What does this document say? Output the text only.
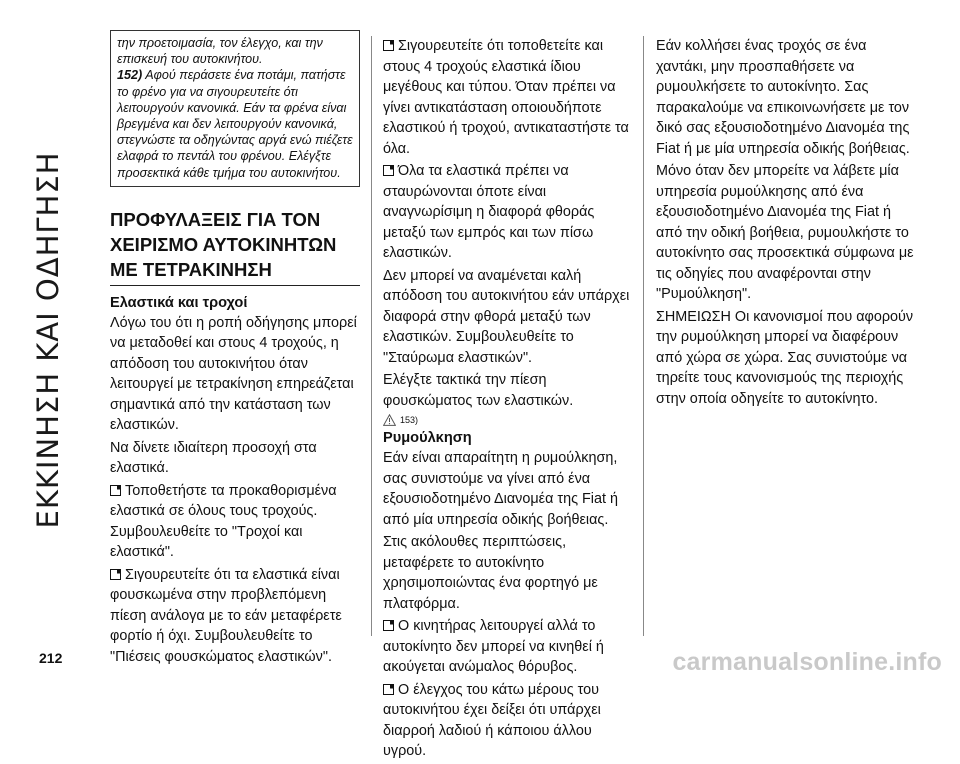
ΕΚΚΙΝΗΣΗ ΚΑΙ ΟΔΗΓΗΣΗ
212
την προετοιμασία, τον έλεγχο, και την επισκευή του αυτοκινήτου.
152) Αφού περάσετε ένα ποτάμι, πατήστε το φρένο για να σιγουρευτείτε ότι λειτουργούν κανονικά. Εάν τα φρένα είναι βρεγμένα και δεν λειτουργούν κανονικά, στεγνώστε τα οδηγώντας αργά ενώ πιέζετε ελαφρά το πεντάλ του φρένου. Ελέγξτε προσεκτικά κάθε τμήμα του αυτοκινήτου.
ΠΡΟΦΥΛΑΞΕΙΣ ΓΙΑ ΤΟΝ ΧΕΙΡΙΣΜΟ ΑΥΤΟΚΙΝΗΤΩΝ ΜΕ ΤΕΤΡΑΚΙΝΗΣΗ
Ελαστικά και τροχοί

Λόγω του ότι η ροπή οδήγησης μπορεί να μεταδοθεί και στους 4 τροχούς, η απόδοση του αυτοκινήτου όταν λειτουργεί με τετρακίνηση επηρεάζεται σημαντικά από την κατάσταση των ελαστικών.

Να δίνετε ιδιαίτερη προσοχή στα ελαστικά.

Τοποθετήστε τα προκαθορισμένα ελαστικά σε όλους τους τροχούς. Συμβουλευθείτε το "Τροχοί και ελαστικά".

Σιγουρευτείτε ότι τα ελαστικά είναι φουσκωμένα στην προβλεπόμενη πίεση ανάλογα με το εάν μεταφέρετε φορτίο ή όχι. Συμβουλευθείτε το "Πιέσεις φουσκώματος ελαστικών".

Σιγουρευτείτε ότι τοποθετείτε και στους 4 τροχούς ελαστικά ίδιου μεγέθους και τύπου. Όταν πρέπει να γίνει αντικατάσταση οποιουδήποτε ελαστικού ή τροχού, αντικαταστήστε τα όλα.

Όλα τα ελαστικά πρέπει να σταυρώνονται όποτε είναι αναγνωρίσιμη η διαφορά φθοράς μεταξύ των εμπρός και των πίσω ελαστικών.

Δεν μπορεί να αναμένεται καλή απόδοση του αυτοκινήτου εάν υπάρχει διαφορά στην φθορά μεταξύ των ελαστικών. Συμβουλευθείτε το "Σταύρωμα ελαστικών".

Ελέγξτε τακτικά την πίεση φουσκώματος των ελαστικών.

153)
Ρυμούλκηση

Εάν είναι απαραίτητη η ρυμούλκηση, σας συνιστούμε να γίνει από ένα εξουσιοδοτημένο Διανομέα της Fiat ή από μία υπηρεσία οδικής βοήθειας.

Στις ακόλουθες περιπτώσεις, μεταφέρετε το αυτοκίνητο χρησιμοποιώντας ένα φορτηγό με πλατφόρμα.

Ο κινητήρας λειτουργεί αλλά το αυτοκίνητο δεν μπορεί να κινηθεί ή ακούγεται ανώμαλος θόρυβος.

Ο έλεγχος του κάτω μέρους του αυτοκινήτου έχει δείξει ότι υπάρχει διαρροή λαδιού ή κάποιου άλλου υγρού.

Εάν κολλήσει ένας τροχός σε ένα χαντάκι, μην προσπαθήσετε να ρυμουλκήσετε το αυτοκίνητο. Σας παρακαλούμε να επικοινωνήσετε με τον δικό σας εξουσιοδοτημένο Διανομέα της Fiat ή με μία υπηρεσία οδικής βοήθειας.

Μόνο όταν δεν μπορείτε να λάβετε μία υπηρεσία ρυμούλκησης από ένα εξουσιοδοτημένο Διανομέα της Fiat ή από την οδική βοήθεια, ρυμουλκήστε το αυτοκίνητο σας προσεκτικά σύμφωνα με τις οδηγίες που αναφέρονται στην "Ρυμούλκηση".

ΣΗΜΕΙΩΣΗ Οι κανονισμοί που αφορούν την ρυμούλκηση μπορεί να διαφέρουν από χώρα σε χώρα. Σας συνιστούμε να τηρείτε τους κανονισμούς της περιοχής στην οποία οδηγείτε το αυτοκίνητο.

carmanualsonline.info
